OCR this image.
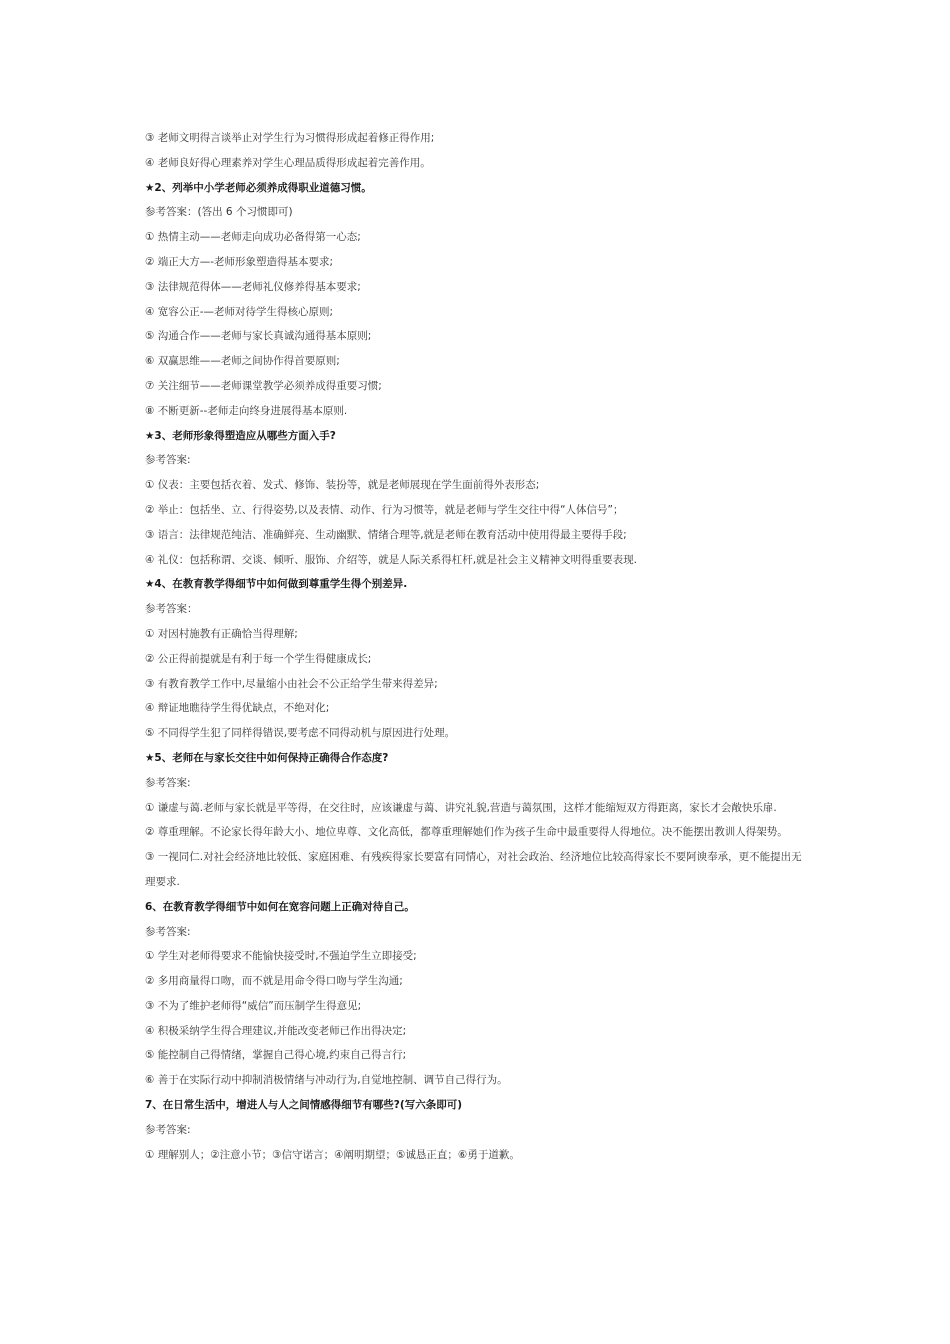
③ 老师文明得言谈举止对学生行为习惯得形成起着修正得作用;
④ 老师良好得心理素养对学生心理品质得形成起着完善作用。
★2、列举中小学老师必须养成得职业道德习惯。
参考答案：(答出 6 个习惯即可)
① 热情主动——老师走向成功必备得第一心态;
② 端正大方—-老师形象塑造得基本要求;
③ 法律规范得体——老师礼仪修养得基本要求;
④ 宽容公正-—老师对待学生得核心原则;
⑤ 沟通合作——老师与家长真诚沟通得基本原则;
⑥ 双赢思维——老师之间协作得首要原则;
⑦ 关注细节——老师课堂教学必须养成得重要习惯;
⑧ 不断更新--老师走向终身进展得基本原则.
★3、老师形象得塑造应从哪些方面入手?
参考答案:
① 仪表：主要包括衣着、发式、修饰、装扮等，就是老师展现在学生面前得外表形态;
② 举止：包括坐、立、行得姿势,以及表情、动作、行为习惯等，就是老师与学生交往中得“人体信号”；
③ 语言：法律规范纯洁、准确鲜亮、生动幽默、情绪合理等,就是老师在教育活动中使用得最主要得手段;
④ 礼仪：包括称谓、交谈、倾听、服饰、介绍等，就是人际关系得杠杆,就是社会主义精神文明得重要表现.
★4、在教育教学得细节中如何做到尊重学生得个别差异.
参考答案：
① 对因村施教有正确恰当得理解;
② 公正得前提就是有利于每一个学生得健康成长;
③ 有教育教学工作中,尽量缩小由社会不公正给学生带来得差异;
④ 辩证地瞧待学生得优缺点，不绝对化;
⑤ 不同得学生犯了同样得错误,要考虑不同得动机与原因进行处理。
★5、老师在与家长交往中如何保持正确得合作态度?
参考答案:
① 谦虚与蔼.老师与家长就是平等得，在交往时，应该谦虚与蔼、讲究礼貌,营造与蔼氛围，这样才能缩短双方得距离，家长才会敞快乐扉.
② 尊重理解。不论家长得年龄大小、地位卑尊、文化高低，都尊重理解她们作为孩子生命中最重要得人得地位。决不能摆出教训人得架势。
③ 一视同仁.对社会经济地比较低、家庭困难、有残疾得家长要富有同情心，对社会政治、经济地位比较高得家长不要阿谀奉承，更不能提出无理要求.
6、在教育教学得细节中如何在宽容问题上正确对待自己。
参考答案:
① 学生对老师得要求不能愉快接受时,不强迫学生立即接受;
② 多用商量得口吻，而不就是用命令得口吻与学生沟通;
③ 不为了维护老师得“威信”而压制学生得意见;
④ 积极采纳学生得合理建议,并能改变老师已作出得决定;
⑤ 能控制自己得情绪，掌握自己得心境,约束自己得言行;
⑥ 善于在实际行动中抑制消极情绪与冲动行为,自觉地控制、调节自己得行为。
7、在日常生活中，增进人与人之间情感得细节有哪些?(写六条即可)
参考答案:
① 理解别人；②注意小节；③信守诺言；④阐明期望；⑤诚恳正直；⑥勇于道歉。
